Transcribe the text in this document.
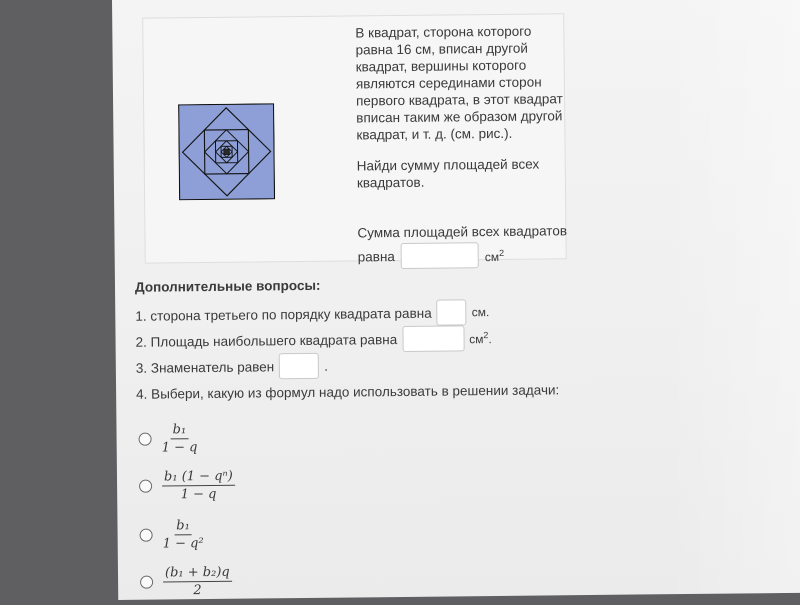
В квадрат, сторона которого равна 16 см, вписан другой квадрат, вершины которого являются серединами сторон первого квадрата, в этот квадрат вписан таким же образом другой квадрат, и т. д. (см. рис.).

Найди сумму площадей всех квадратов.

Сумма площадей всех квадратов
равна	$см^2$
Дополнительные вопросы:
1. сторона третьего по порядку квадрата равна	см.
2. Площадь наибольшего квадрата равна	$см^2$.
3. Знаменатель равен	.
4. Выбери, какую из формул надо использовать в решении задачи:
$\frac{\text{b₁}}{1 - q}$
$\frac{\text{b₁ (1 − qⁿ)}}{1 - q}$
$\frac{\text{b₁}}{\text{1 − q²}}$
$\frac{\text{(b₁ + b₂)q}}{2}$
